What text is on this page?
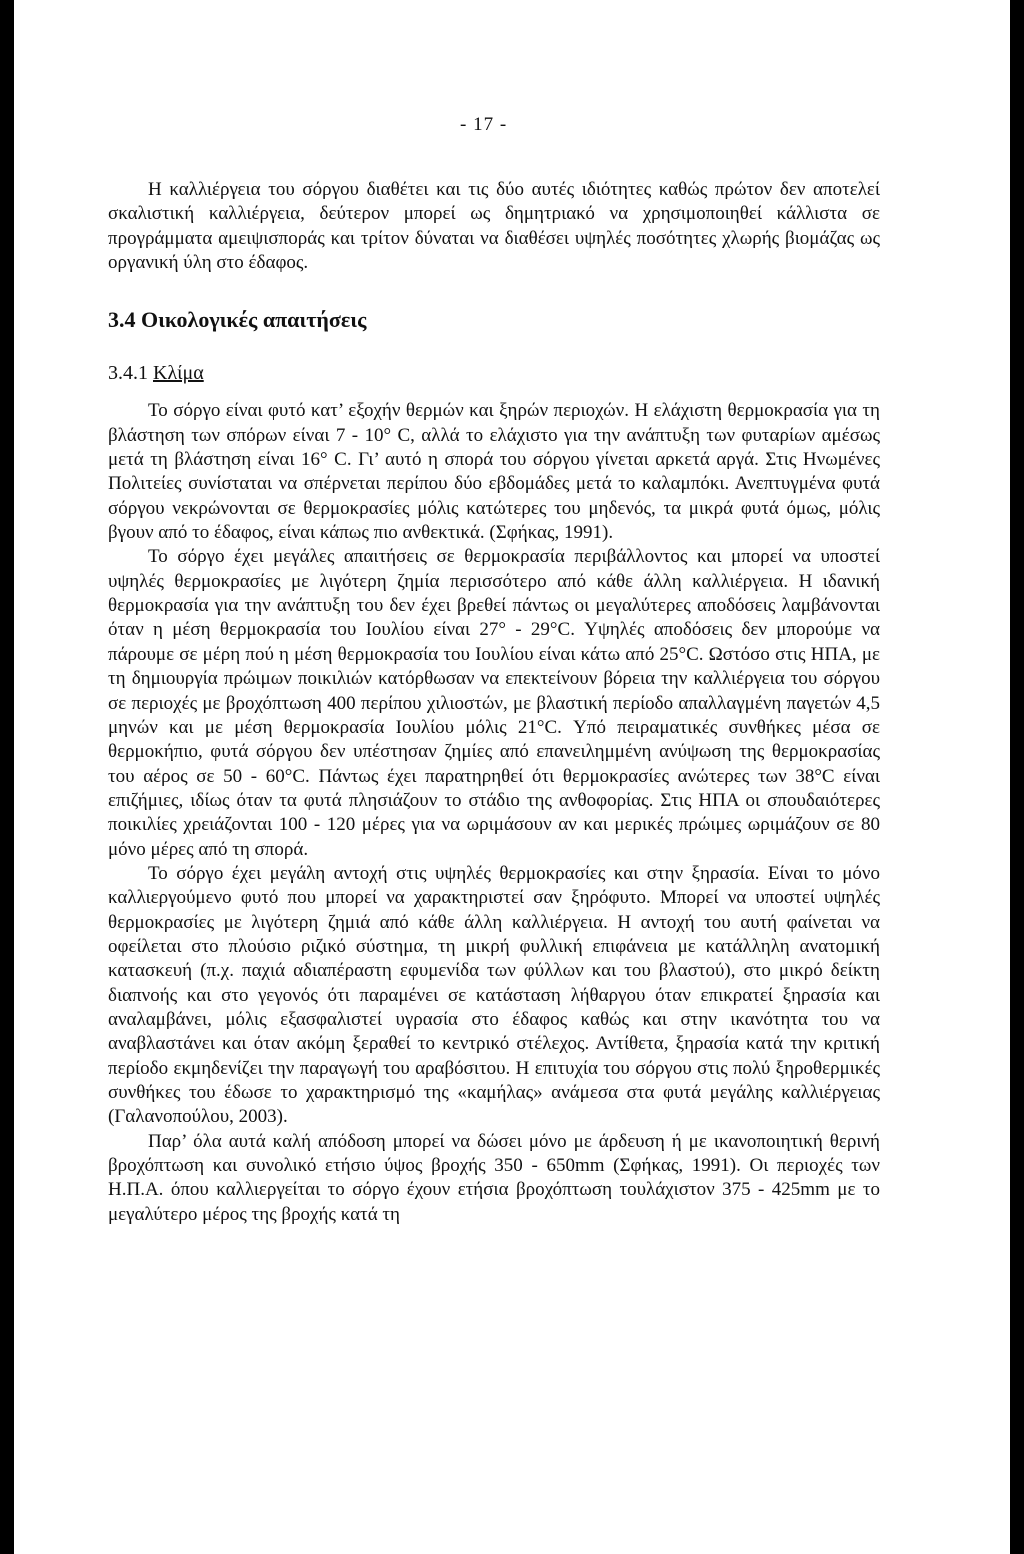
- 17 -

Η καλλιέργεια του σόργου διαθέτει και τις δύο αυτές ιδιότητες καθώς πρώτον δεν αποτελεί σκαλιστική καλλιέργεια, δεύτερον μπορεί ως δημητριακό να χρησιμοποιηθεί κάλλιστα σε προγράμματα αμειψισποράς και τρίτον δύναται να διαθέσει υψηλές ποσότητες χλωρής βιομάζας ως οργανική ύλη στο έδαφος.

3.4 Οικολογικές απαιτήσεις
3.4.1 Κλίμα

Το σόργο είναι φυτό κατ’ εξοχήν θερμών και ξηρών περιοχών. Η ελάχιστη θερμοκρασία για τη βλάστηση των σπόρων είναι 7 - 10° C, αλλά το ελάχιστο για την ανάπτυξη των φυταρίων αμέσως μετά τη βλάστηση είναι 16° C. Γι’ αυτό η σπορά του σόργου γίνεται αρκετά αργά. Στις Ηνωμένες Πολιτείες συνίσταται να σπέρνεται περίπου δύο εβδομάδες μετά το καλαμπόκι. Ανεπτυγμένα φυτά σόργου νεκρώνονται σε θερμοκρασίες μόλις κατώτερες του μηδενός, τα μικρά φυτά όμως, μόλις βγουν από το έδαφος, είναι κάπως πιο ανθεκτικά. (Σφήκας, 1991).

Το σόργο έχει μεγάλες απαιτήσεις σε θερμοκρασία περιβάλλοντος και μπορεί να υποστεί υψηλές θερμοκρασίες με λιγότερη ζημία περισσότερο από κάθε άλλη καλλιέργεια. Η ιδανική θερμοκρασία για την ανάπτυξη του δεν έχει βρεθεί πάντως οι μεγαλύτερες αποδόσεις λαμβάνονται όταν η μέση θερμοκρασία του Ιουλίου είναι 27° - 29°C. Υψηλές αποδόσεις δεν μπορούμε να πάρουμε σε μέρη πού η μέση θερμοκρασία του Ιουλίου είναι κάτω από 25°C. Ωστόσο στις ΗΠΑ, με τη δημιουργία πρώιμων ποικιλιών κατόρθωσαν να επεκτείνουν βόρεια την καλλιέργεια του σόργου σε περιοχές με βροχόπτωση 400 περίπου χιλιοστών, με βλαστική περίοδο απαλλαγμένη παγετών 4,5 μηνών και με μέση θερμοκρασία Ιουλίου μόλις 21°C. Υπό πειραματικές συνθήκες μέσα σε θερμοκήπιο, φυτά σόργου δεν υπέστησαν ζημίες από επανειλημμένη ανύψωση της θερμοκρασίας του αέρος σε 50 - 60°C. Πάντως έχει παρατηρηθεί ότι θερμοκρασίες ανώτερες των 38°C είναι επιζήμιες, ιδίως όταν τα φυτά πλησιάζουν το στάδιο της ανθοφορίας. Στις ΗΠΑ οι σπουδαιότερες ποικιλίες χρειάζονται 100 - 120 μέρες για να ωριμάσουν αν και μερικές πρώιμες ωριμάζουν σε 80 μόνο μέρες από τη σπορά.

Το σόργο έχει μεγάλη αντοχή στις υψηλές θερμοκρασίες και στην ξηρασία. Είναι το μόνο καλλιεργούμενο φυτό που μπορεί να χαρακτηριστεί σαν ξηρόφυτο. Μπορεί να υποστεί υψηλές θερμοκρασίες με λιγότερη ζημιά από κάθε άλλη καλλιέργεια. Η αντοχή του αυτή φαίνεται να οφείλεται στο πλούσιο ριζικό σύστημα, τη μικρή φυλλική επιφάνεια με κατάλληλη ανατομική κατασκευή (π.χ. παχιά αδιαπέραστη εφυμενίδα των φύλλων και του βλαστού), στο μικρό δείκτη διαπνοής και στο γεγονός ότι παραμένει σε κατάσταση λήθαργου όταν επικρατεί ξηρασία και αναλαμβάνει, μόλις εξασφαλιστεί υγρασία στο έδαφος καθώς και στην ικανότητα του να αναβλαστάνει και όταν ακόμη ξεραθεί το κεντρικό στέλεχος. Αντίθετα, ξηρασία κατά την κριτική περίοδο εκμηδενίζει την παραγωγή του αραβόσιτου. Η επιτυχία του σόργου στις πολύ ξηροθερμικές συνθήκες του έδωσε το χαρακτηρισμό της «καμήλας» ανάμεσα στα φυτά μεγάλης καλλιέργειας (Γαλανοπούλου, 2003).

Παρ’ όλα αυτά καλή απόδοση μπορεί να δώσει μόνο με άρδευση ή με ικανοποιητική θερινή βροχόπτωση και συνολικό ετήσιο ύψος βροχής 350 - 650mm (Σφήκας, 1991). Οι περιοχές των Η.Π.Α. όπου καλλιεργείται το σόργο έχουν ετήσια βροχόπτωση τουλάχιστον 375 - 425mm με το μεγαλύτερο μέρος της βροχής κατά τη
